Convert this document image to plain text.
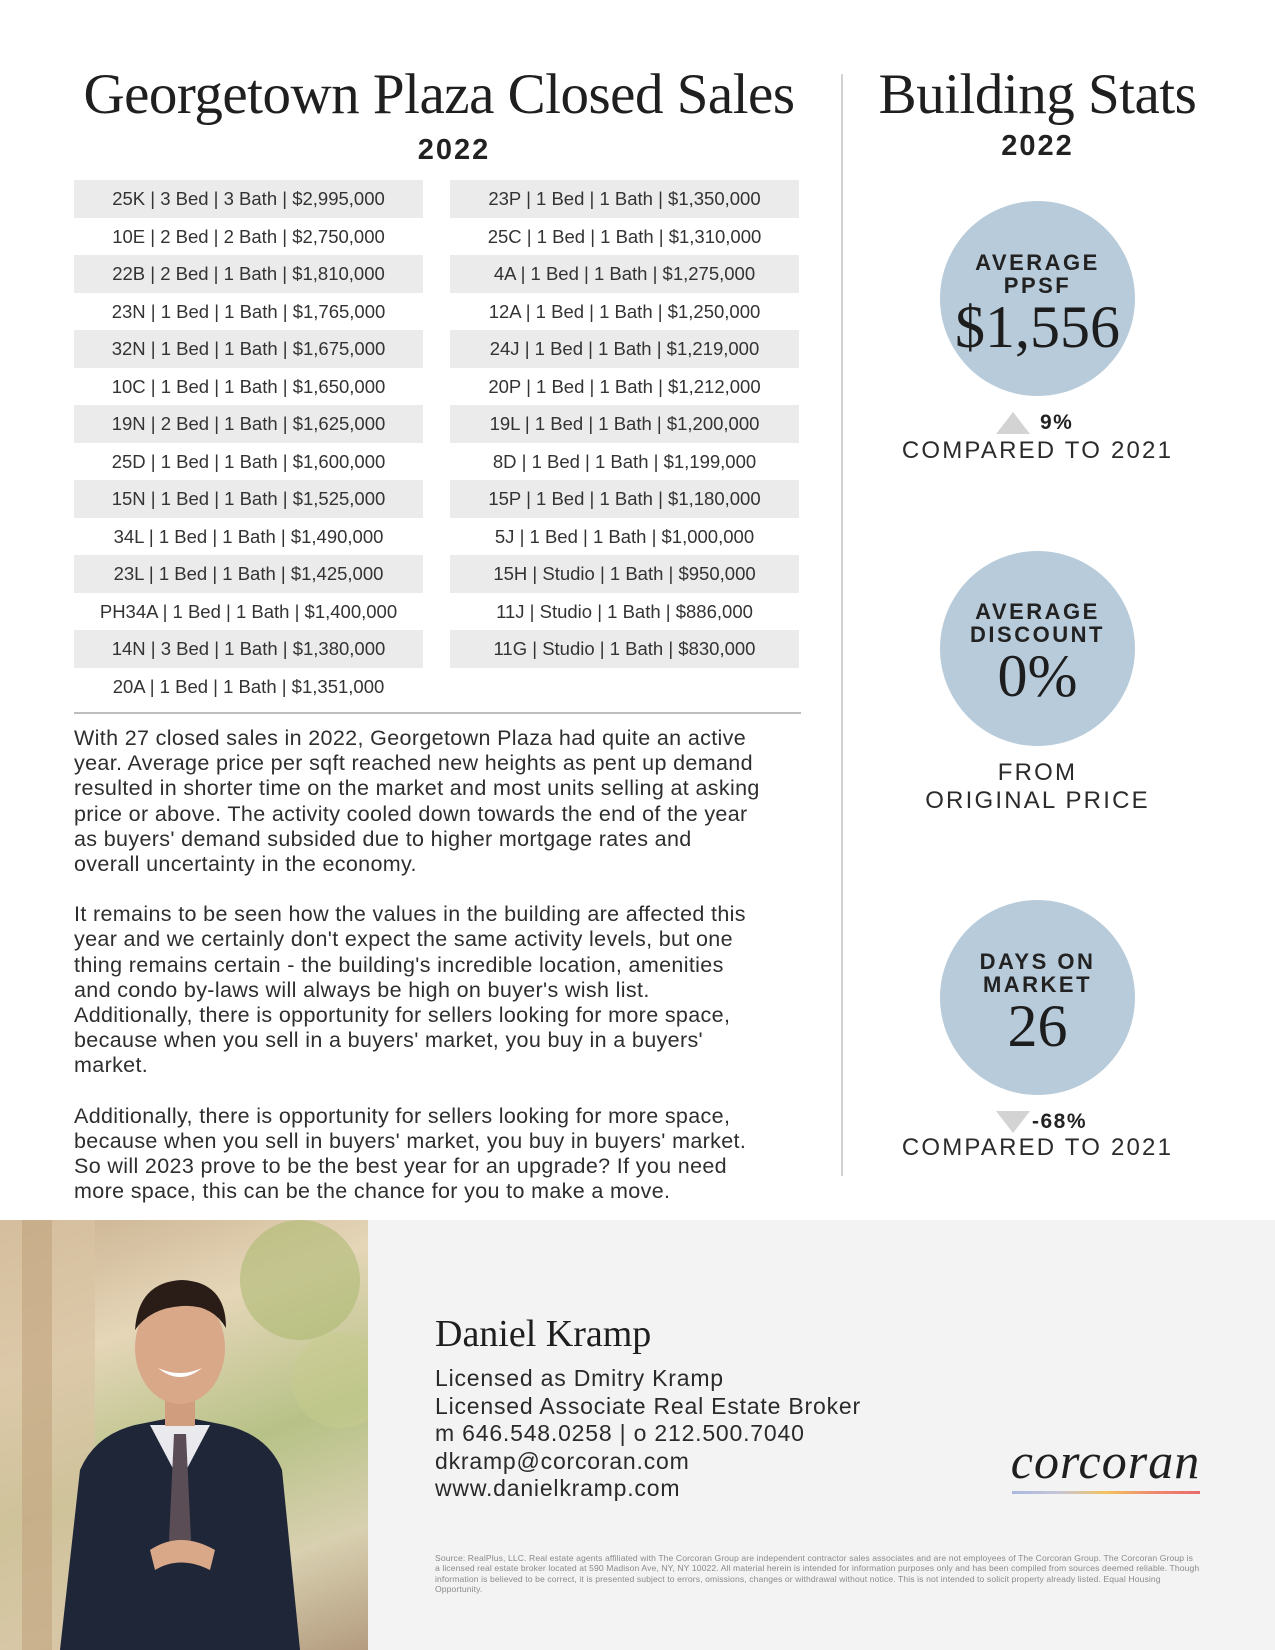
Georgetown Plaza Closed Sales
2022
25K | 3 Bed | 3 Bath | $2,995,000
10E | 2 Bed | 2 Bath | $2,750,000
22B | 2 Bed | 1 Bath | $1,810,000
23N | 1 Bed | 1 Bath | $1,765,000
32N | 1 Bed | 1 Bath | $1,675,000
10C | 1 Bed | 1 Bath | $1,650,000
19N | 2 Bed | 1 Bath | $1,625,000
25D | 1 Bed | 1 Bath | $1,600,000
15N | 1 Bed | 1 Bath | $1,525,000
34L | 1 Bed | 1 Bath | $1,490,000
23L | 1 Bed | 1 Bath | $1,425,000
PH34A | 1 Bed | 1 Bath | $1,400,000
14N | 3 Bed | 1 Bath | $1,380,000
20A | 1 Bed | 1 Bath | $1,351,000
23P | 1 Bed | 1 Bath | $1,350,000
25C | 1 Bed | 1 Bath | $1,310,000
4A | 1 Bed | 1 Bath | $1,275,000
12A | 1 Bed | 1 Bath | $1,250,000
24J | 1 Bed | 1 Bath | $1,219,000
20P | 1 Bed | 1 Bath | $1,212,000
19L | 1 Bed | 1 Bath | $1,200,000
8D | 1 Bed | 1 Bath | $1,199,000
15P | 1 Bed | 1 Bath | $1,180,000
5J | 1 Bed | 1 Bath | $1,000,000
15H | Studio | 1 Bath | $950,000
11J | Studio | 1 Bath | $886,000
11G | Studio | 1 Bath | $830,000

With 27 closed sales in 2022, Georgetown Plaza had quite an active
year. Average price per sqft reached new heights as pent up demand
resulted in shorter time on the market and most units selling at asking
price or above. The activity cooled down towards the end of the year
as buyers' demand subsided due to higher mortgage rates and
overall uncertainty in the economy.

It remains to be seen how the values in the building are affected this
year and we certainly don't expect the same activity levels, but one
thing remains certain - the building's incredible location, amenities
and condo by-laws will always be high on buyer's wish list.
Additionally, there is opportunity for sellers looking for more space,
because when you sell in a buyers' market, you buy in a buyers'
market.

Additionally, there is opportunity for sellers looking for more space,
because when you sell in buyers' market, you buy in buyers' market.
So will 2023 prove to be the best year for an upgrade? If you need
more space, this can be the chance for you to make a move.

Building Stats
2022
AVERAGE
PPSF
$1,556
9%
COMPARED TO 2021
AVERAGE
DISCOUNT
0%
FROM
ORIGINAL PRICE
DAYS ON
MARKET
26
-68%
COMPARED TO 2021
Daniel Kramp
Licensed as Dmitry Kramp
Licensed Associate Real Estate Broker
m 646.548.0258 | o 212.500.7040
dkramp@corcoran.com
www.danielkramp.com	corcoran
Source: RealPlus, LLC. Real estate agents affiliated with The Corcoran Group are independent contractor sales associates and are not employees of The Corcoran Group. The Corcoran Group is a licensed real estate broker located at 590 Madison Ave, NY, NY 10022. All material herein is intended for information purposes only and has been compiled from sources deemed reliable. Though information is believed to be correct, it is presented subject to errors, omissions, changes or withdrawal without notice. This is not intended to solicit property already listed. Equal Housing Opportunity.
